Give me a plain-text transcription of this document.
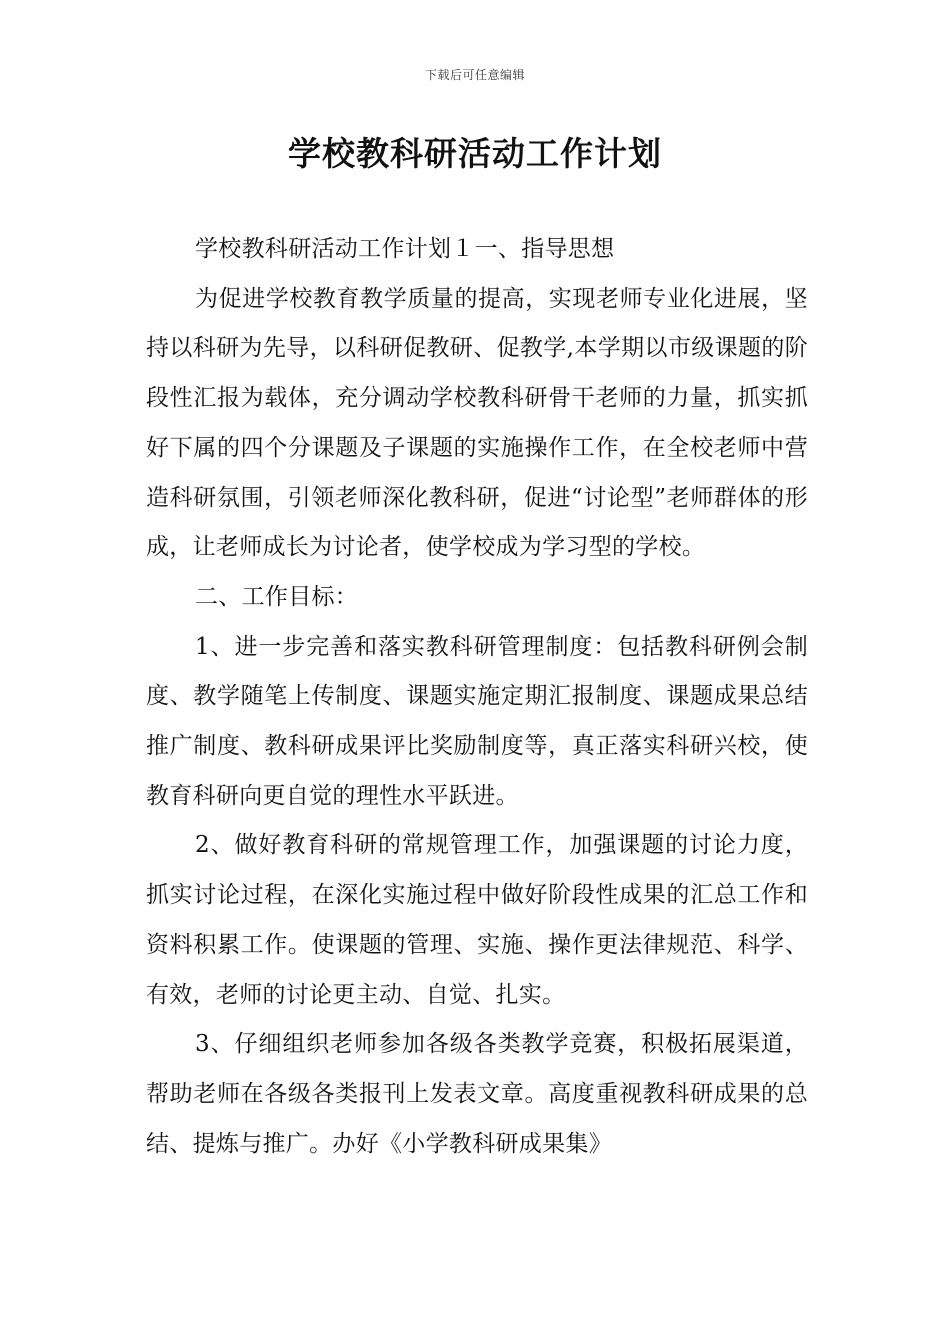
下载后可任意编辑
学校教科研活动工作计划

学校教科研活动工作计划１一、指导思想

为促进学校教育教学质量的提高，实现老师专业化进展，坚持以科研为先导，以科研促教研、促教学,本学期以市级课题的阶段性汇报为载体，充分调动学校教科研骨干老师的力量，抓实抓好下属的四个分课题及子课题的实施操作工作，在全校老师中营造科研氛围，引领老师深化教科研，促进“讨论型”老师群体的形成，让老师成长为讨论者，使学校成为学习型的学校。

二、工作目标：

1、进一步完善和落实教科研管理制度：包括教科研例会制度、教学随笔上传制度、课题实施定期汇报制度、课题成果总结推广制度、教科研成果评比奖励制度等，真正落实科研兴校，使教育科研向更自觉的理性水平跃进。

2、做好教育科研的常规管理工作，加强课题的讨论力度，抓实讨论过程，在深化实施过程中做好阶段性成果的汇总工作和资料积累工作。使课题的管理、实施、操作更法律规范、科学、有效，老师的讨论更主动、自觉、扎实。

3、仔细组织老师参加各级各类教学竞赛，积极拓展渠道，帮助老师在各级各类报刊上发表文章。高度重视教科研成果的总结、提炼与推广。办好《小学教科研成果集》
